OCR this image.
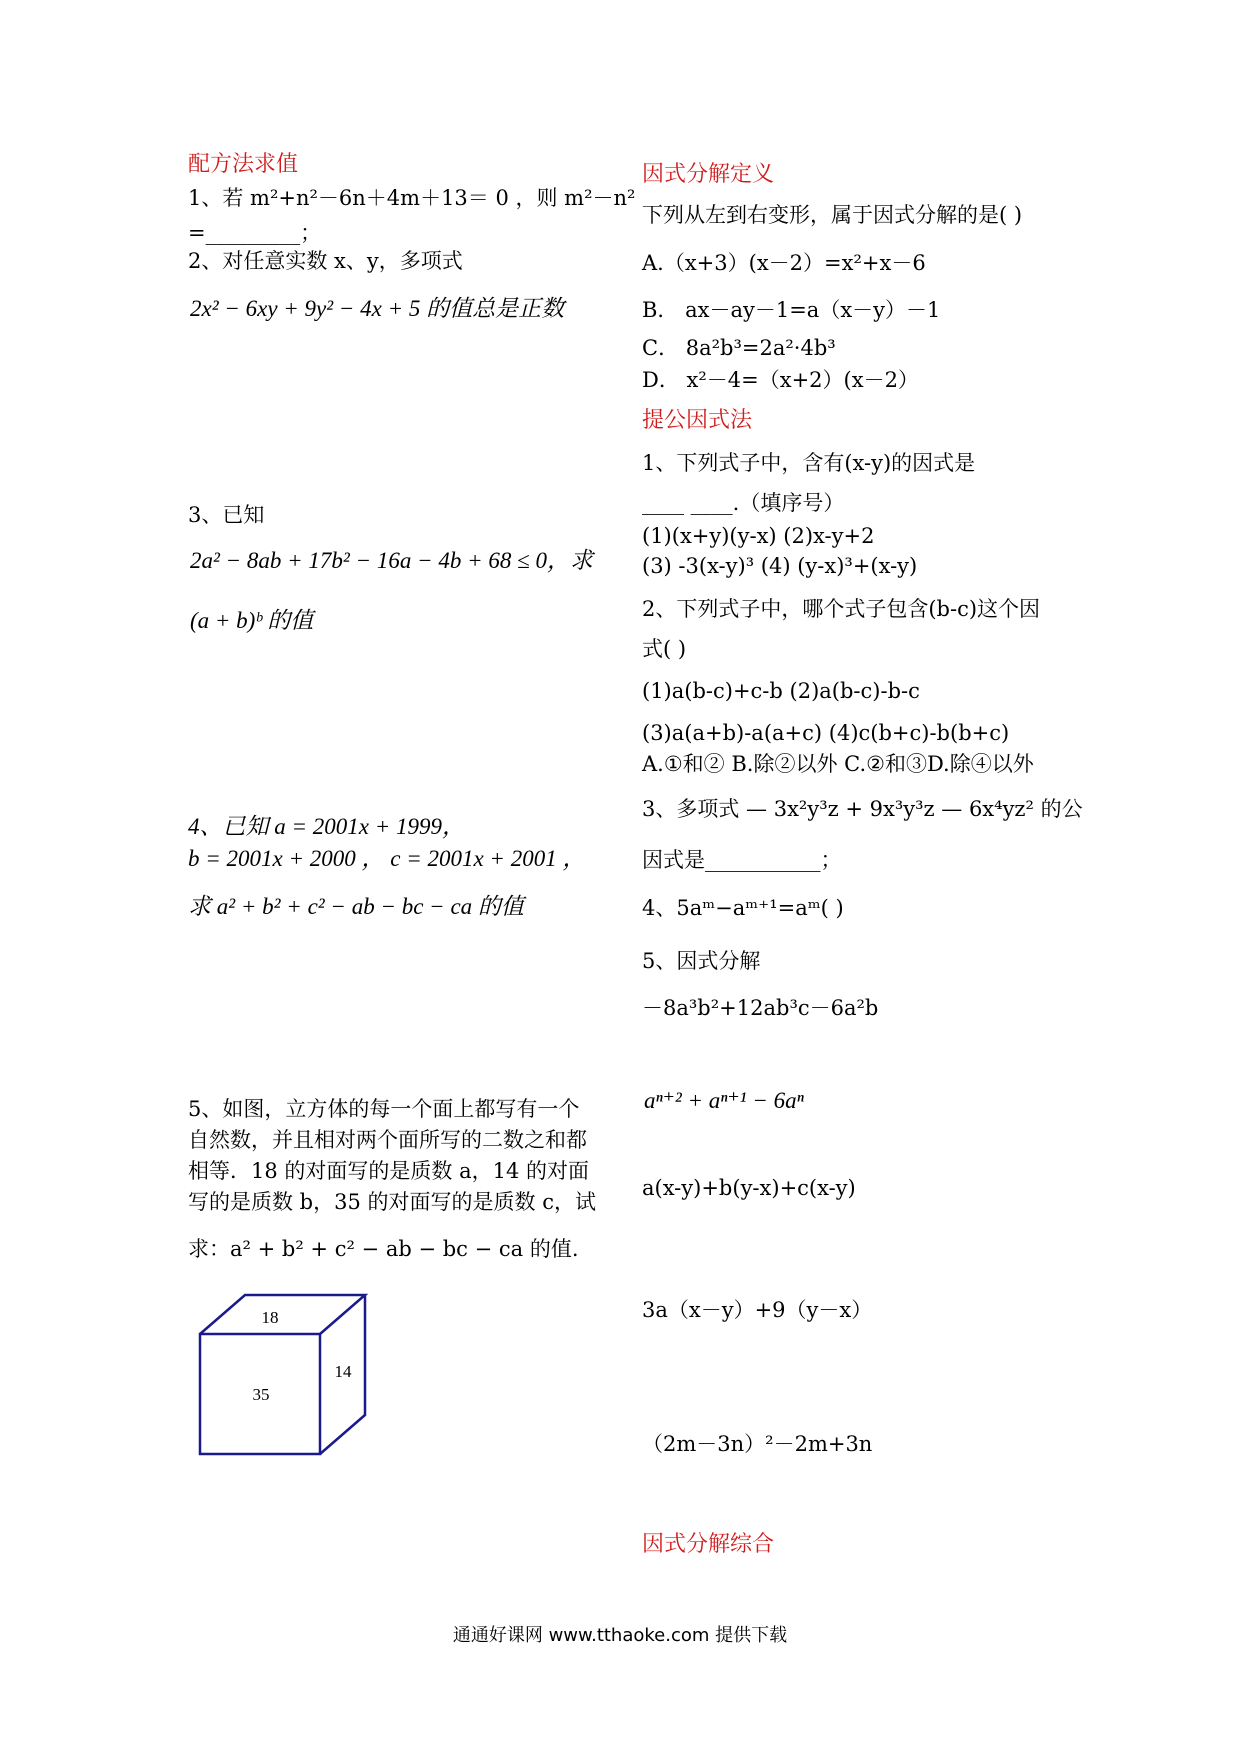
配方法求值
1、若 m²+n²－6n＋4m＋13＝ 0 ，则 m²－n²
=_________；
2、对任意实数 x、y，多项式
2x² − 6xy + 9y² − 4x + 5 的值总是正数
3、已知
2a² − 8ab + 17b² − 16a − 4b + 68 ≤ 0，求
(a + b)ᵇ 的值
4、已知 a = 2001x + 1999，
b = 2001x + 2000 ， c = 2001x + 2001 ，
求 a² + b² + c² − ab − bc − ca 的值
5、如图，立方体的每一个面上都写有一个
自然数，并且相对两个面所写的二数之和都
相等．18 的对面写的是质数 a，14 的对面
写的是质数 b，35 的对面写的是质数 c，试
求：a² + b² + c² − ab − bc − ca 的值.
18
35
14
因式分解定义
下列从左到右变形，属于因式分解的是( )
A.（x+3）(x－2）=x²+x－6
B． ax－ay－1=a（x－y）－1
C． 8a²b³=2a²·4b³
D． x²－4=（x+2）(x－2）
提公因式法
1、下列式子中，含有(x-y)的因式是
____ ____.（填序号）
(1)(x+y)(y-x) (2)x-y+2
(3) -3(x-y)³ (4) (y-x)³+(x-y)
2、下列式子中，哪个式子包含(b-c)这个因
式( )
(1)a(b-c)+c-b (2)a(b-c)-b-c
(3)a(a+b)-a(a+c) (4)c(b+c)-b(b+c)
A.①和② B.除②以外 C.②和③D.除④以外
3、多项式 — 3x²y³z + 9x³y³z — 6x⁴yz² 的公
因式是___________；
4、5aᵐ−aᵐ⁺¹=aᵐ( )
5、因式分解
－8a³b²+12ab³c－6a²b
aⁿ⁺² + aⁿ⁺¹ − 6aⁿ
a(x-y)+b(y-x)+c(x-y)
3a（x－y）+9（y－x）
（2m－3n）²－2m+3n
因式分解综合
通通好课网 www.tthaoke.com 提供下载
